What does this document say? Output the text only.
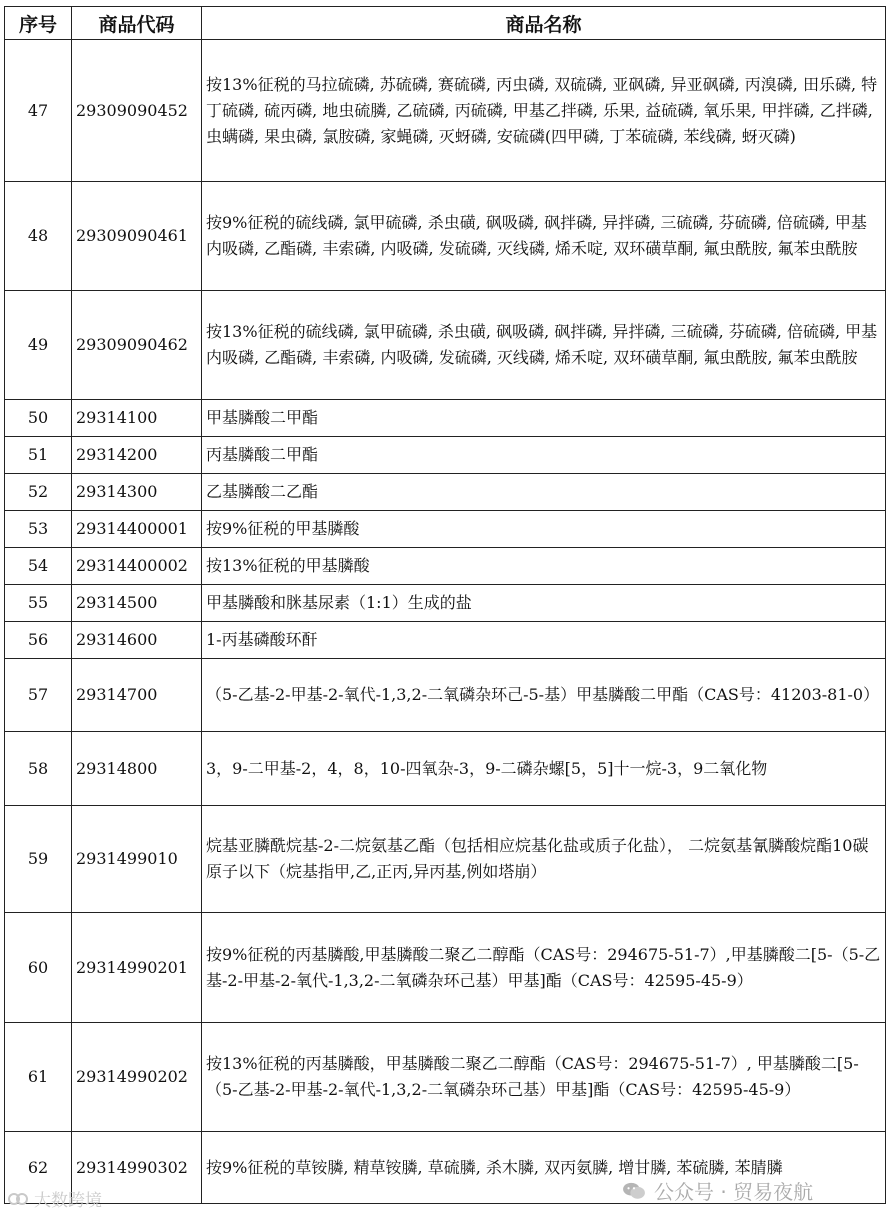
序号	商品代码	商品名称
47	29309090452	按13%征税的马拉硫磷, 苏硫磷, 赛硫磷, 丙虫磷, 双硫磷, 亚砜磷, 异亚砜磷, 丙溴磷, 田乐磷, 特丁硫磷, 硫丙磷, 地虫硫膦, 乙硫磷, 丙硫磷, 甲基乙拌磷, 乐果, 益硫磷, 氧乐果, 甲拌磷, 乙拌磷, 虫螨磷, 果虫磷, 氯胺磷, 家蝇磷, 灭蚜磷, 安硫磷(四甲磷, 丁苯硫磷, 苯线磷, 蚜灭磷)
48	29309090461	按9%征税的硫线磷, 氯甲硫磷, 杀虫磺, 砜吸磷, 砜拌磷, 异拌磷, 三硫磷, 芬硫磷, 倍硫磷, 甲基内吸磷, 乙酯磷, 丰索磷, 内吸磷, 发硫磷, 灭线磷, 烯禾啶, 双环磺草酮, 氟虫酰胺, 氟苯虫酰胺
49	29309090462	按13%征税的硫线磷, 氯甲硫磷, 杀虫磺, 砜吸磷, 砜拌磷, 异拌磷, 三硫磷, 芬硫磷, 倍硫磷, 甲基内吸磷, 乙酯磷, 丰索磷, 内吸磷, 发硫磷, 灭线磷, 烯禾啶, 双环磺草酮, 氟虫酰胺, 氟苯虫酰胺
50	29314100	甲基膦酸二甲酯
51	29314200	丙基膦酸二甲酯
52	29314300	乙基膦酸二乙酯
53	29314400001	按9%征税的甲基膦酸
54	29314400002	按13%征税的甲基膦酸
55	29314500	甲基膦酸和脒基尿素（1:1）生成的盐
56	29314600	1-丙基磷酸环酐
57	29314700	（5-乙基-2-甲基-2-氧代-1,3,2-二氧磷杂环己-5-基）甲基膦酸二甲酯（CAS号：41203-81-0）
58	29314800	3，9-二甲基-2，4，8，10-四氧杂-3，9-二磷杂螺[5，5]十一烷-3，9二氧化物
59	2931499010	烷基亚膦酰烷基-2-二烷氨基乙酯（包括相应烷基化盐或质子化盐）， 二烷氨基氰膦酸烷酯10碳原子以下（烷基指甲,乙,正丙,异丙基,例如塔崩）
60	29314990201	按9%征税的丙基膦酸,甲基膦酸二聚乙二醇酯（CAS号：294675-51-7）,甲基膦酸二[5-（5-乙基-2-甲基-2-氧代-1,3,2-二氧磷杂环己基）甲基]酯（CAS号：42595-45-9）
61	29314990202	按13%征税的丙基膦酸，甲基膦酸二聚乙二醇酯（CAS号：294675-51-7）, 甲基膦酸二[5-（5-乙基-2-甲基-2-氧代-1,3,2-二氧磷杂环己基）甲基]酯（CAS号：42595-45-9）
62	29314990302	按9%征税的草铵膦, 精草铵膦, 草硫膦, 杀木膦, 双丙氨膦, 增甘膦, 苯硫膦, 苯腈膦
大数跨境	公众号 · 贸易夜航
